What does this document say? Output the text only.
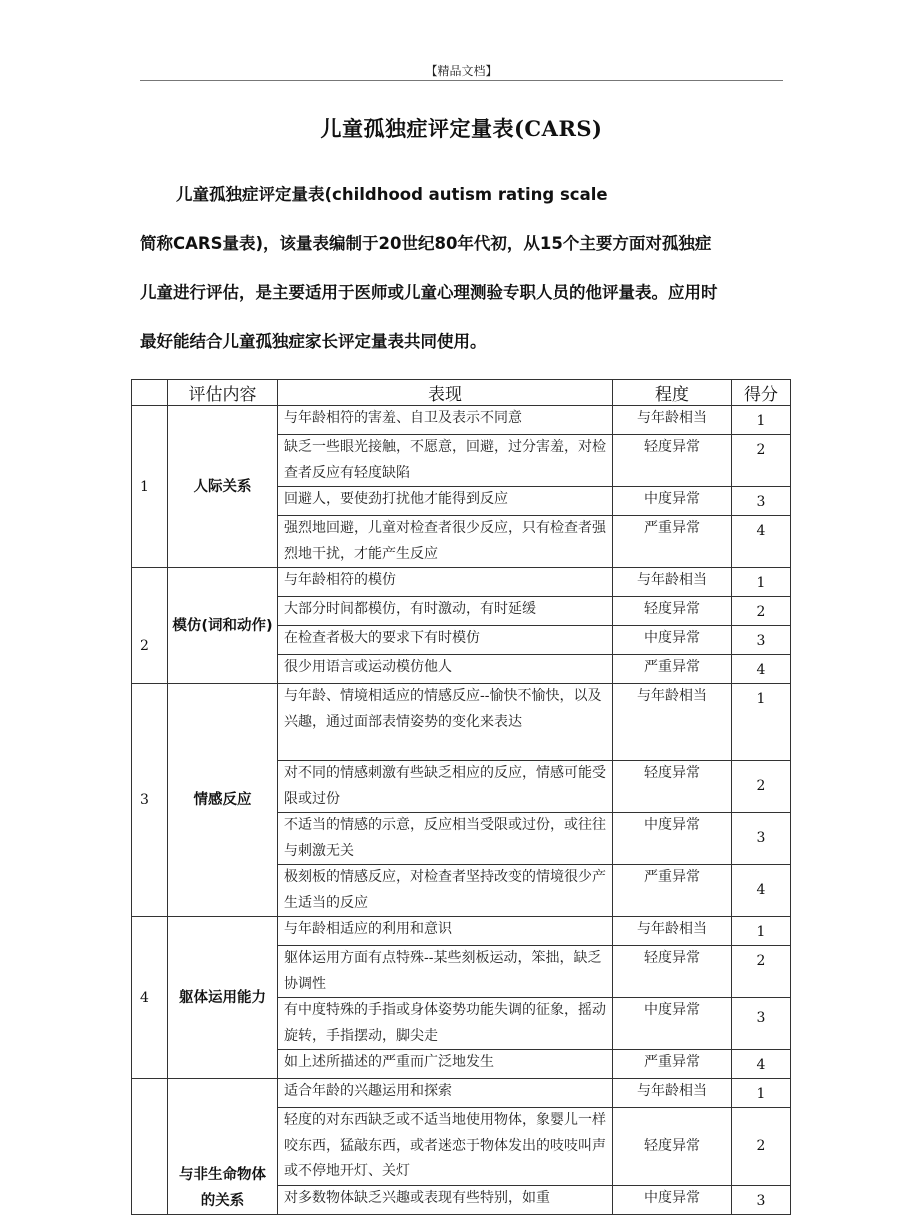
【精品文档】
儿童孤独症评定量表(CARS)

儿童孤独症评定量表(childhood autism rating scale
简称CARS量表)，该量表编制于20世纪80年代初，从15个主要方面对孤独症
儿童进行评估，是主要适用于医师或儿童心理测验专职人员的他评量表。应用时
最好能结合儿童孤独症家长评定量表共同使用。

	评估内容	表现	程度	得分
1	人际关系	与年龄相符的害羞、自卫及表示不同意	与年龄相当	1
		缺乏一些眼光接触，不愿意，回避，过分害羞，对检查者反应有轻度缺陷	轻度异常	2
		回避人，要使劲打扰他才能得到反应	中度异常	3
		强烈地回避，儿童对检查者很少反应，只有检查者强烈地干扰，才能产生反应	严重异常	4
2	模仿(词和动作)	与年龄相符的模仿	与年龄相当	1
		大部分时间都模仿，有时激动，有时延缓	轻度异常	2
		在检查者极大的要求下有时模仿	中度异常	3
		很少用语言或运动模仿他人	严重异常	4
3	情感反应	与年龄、情境相适应的情感反应--愉快不愉快，以及兴趣，通过面部表情姿势的变化来表达	与年龄相当	1
		对不同的情感刺激有些缺乏相应的反应，情感可能受限或过份	轻度异常	2
		不适当的情感的示意，反应相当受限或过份，或往往与刺激无关	中度异常	3
		极刻板的情感反应，对检查者坚持改变的情境很少产生适当的反应	严重异常	4
4	躯体运用能力	与年龄相适应的利用和意识	与年龄相当	1
		躯体运用方面有点特殊--某些刻板运动，笨拙，缺乏协调性	轻度异常	2
		有中度特殊的手指或身体姿势功能失调的征象，摇动旋转，手指摆动，脚尖走	中度异常	3
		如上述所描述的严重而广泛地发生	严重异常	4
	与非生命物体的关系	适合年龄的兴趣运用和探索	与年龄相当	1
		轻度的对东西缺乏或不适当地使用物体，象婴儿一样咬东西，猛敲东西，或者迷恋于物体发出的吱吱叫声或不停地开灯、关灯	轻度异常	2
		对多数物体缺乏兴趣或表现有些特别，如重	中度异常	3
